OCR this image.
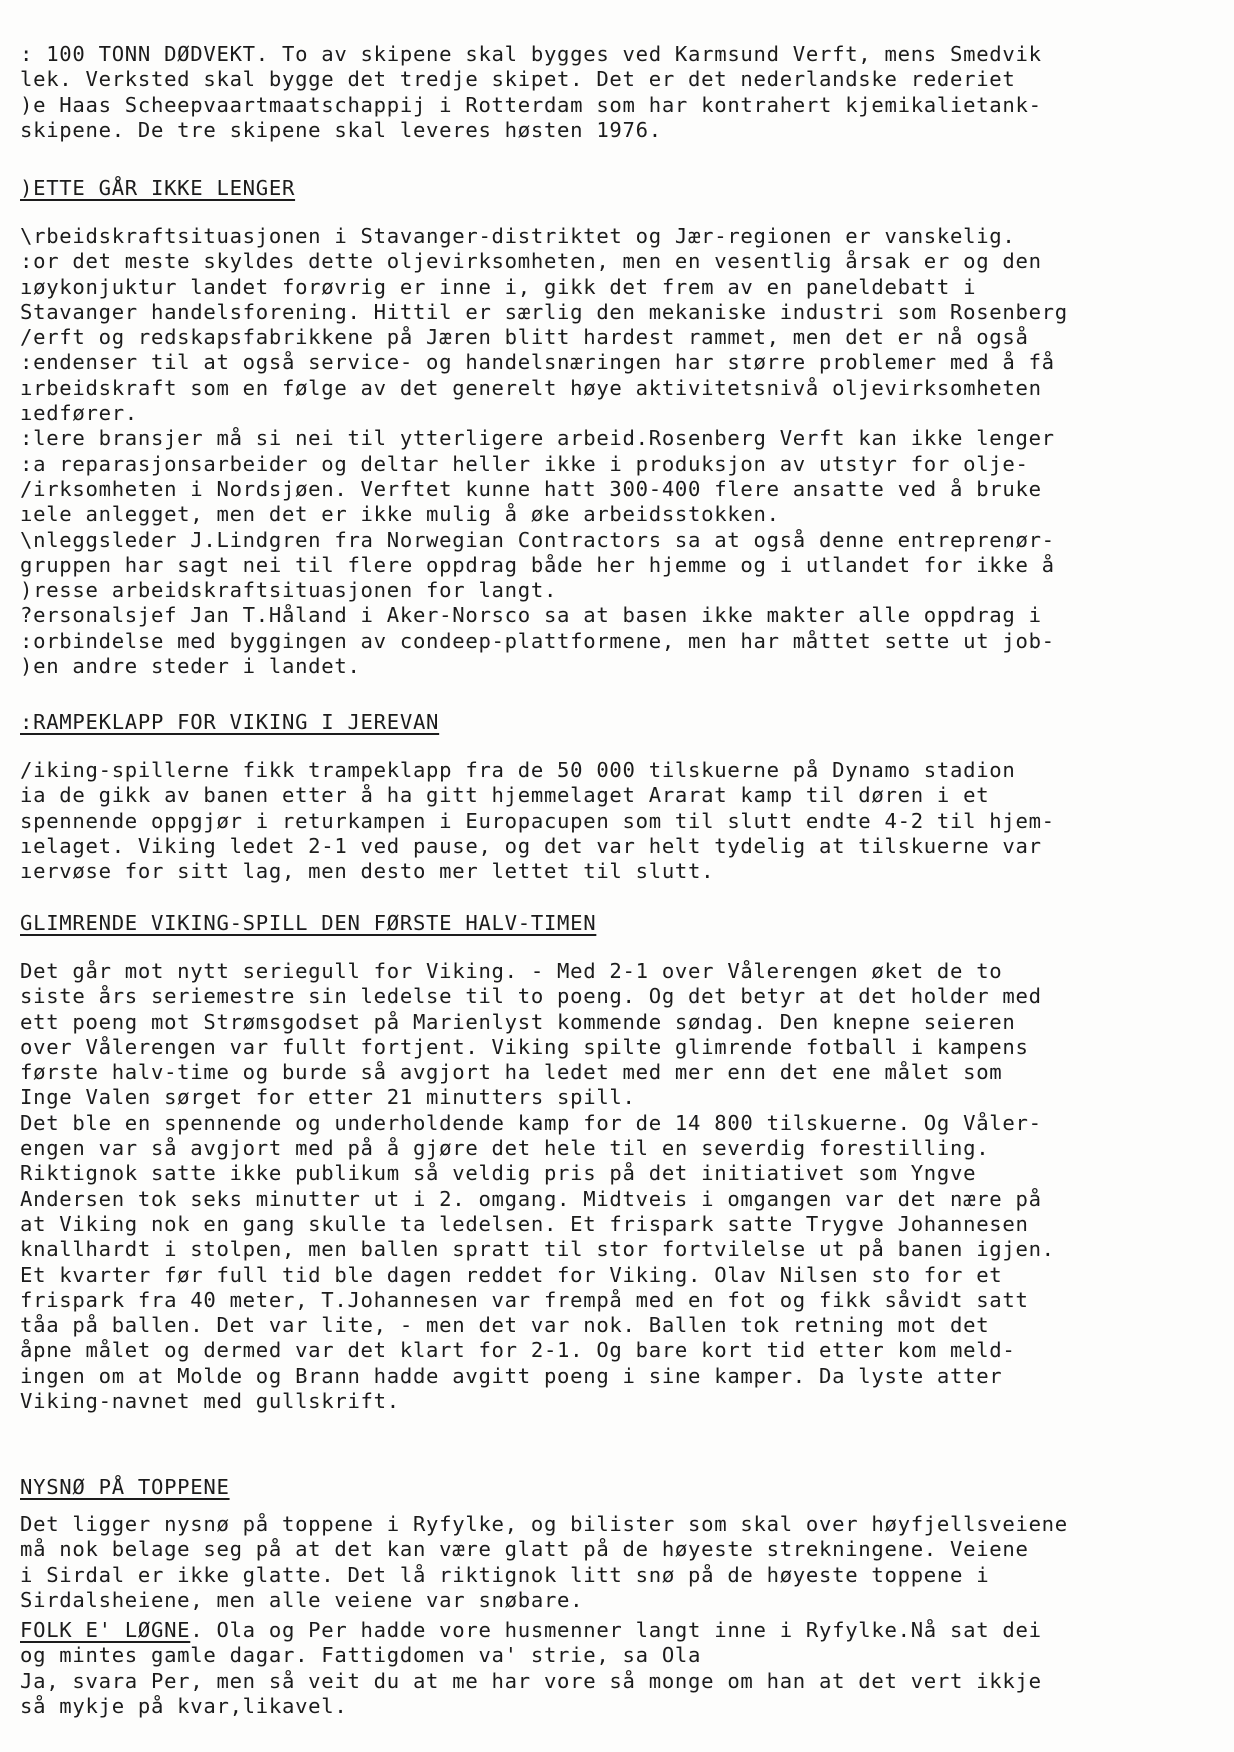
: 100 TONN DØDVEKT. To av skipene skal bygges ved Karmsund Verft, mens Smedvik
lek. Verksted skal bygge det tredje skipet. Det er det nederlandske rederiet
)e Haas Scheepvaartmaatschappij i Rotterdam som har kontrahert kjemikalietank-
skipene. De tre skipene skal leveres høsten 1976.
)ETTE GÅR IKKE LENGER
\rbeidskraftsituasjonen i Stavanger-distriktet og Jær-regionen er vanskelig.
:or det meste skyldes dette oljevirksomheten, men en vesentlig årsak er og den
ıøykonjuktur landet forøvrig er inne i, gikk det frem av en paneldebatt i
Stavanger handelsforening. Hittil er særlig den mekaniske industri som Rosenberg
/erft og redskapsfabrikkene på Jæren blitt hardest rammet, men det er nå også
:endenser til at også service- og handelsnæringen har større problemer med å få
ırbeidskraft som en følge av det generelt høye aktivitetsnivå oljevirksomheten
ıedfører.
:lere bransjer må si nei til ytterligere arbeid.Rosenberg Verft kan ikke lenger
:a reparasjonsarbeider og deltar heller ikke i produksjon av utstyr for olje-
/irksomheten i Nordsjøen. Verftet kunne hatt 300-400 flere ansatte ved å bruke
ıele anlegget, men det er ikke mulig å øke arbeidsstokken.
\nleggsleder J.Lindgren fra Norwegian Contractors sa at også denne entreprenør-
gruppen har sagt nei til flere oppdrag både her hjemme og i utlandet for ikke å
)resse arbeidskraftsituasjonen for langt.
?ersonalsjef Jan T.Håland i Aker-Norsco sa at basen ikke makter alle oppdrag i
:orbindelse med byggingen av condeep-plattformene, men har måttet sette ut job-
)en andre steder i landet.
:RAMPEKLAPP FOR VIKING I JEREVAN
/iking-spillerne fikk trampeklapp fra de 50 000 tilskuerne på Dynamo stadion
ia de gikk av banen etter å ha gitt hjemmelaget Ararat kamp til døren i et
spennende oppgjør i returkampen i Europacupen som til slutt endte 4-2 til hjem-
ıelaget. Viking ledet 2-1 ved pause, og det var helt tydelig at tilskuerne var
ıervøse for sitt lag, men desto mer lettet til slutt.
GLIMRENDE VIKING-SPILL DEN FØRSTE HALV-TIMEN
Det går mot nytt seriegull for Viking. - Med 2-1 over Vålerengen øket de to
siste års seriemestre sin ledelse til to poeng. Og det betyr at det holder med
ett poeng mot Strømsgodset på Marienlyst kommende søndag. Den knepne seieren
over Vålerengen var fullt fortjent. Viking spilte glimrende fotball i kampens
første halv-time og burde så avgjort ha ledet med mer enn det ene målet som
Inge Valen sørget for etter 21 minutters spill.
Det ble en spennende og underholdende kamp for de 14 800 tilskuerne. Og Våler-
engen var så avgjort med på å gjøre det hele til en severdig forestilling.
Riktignok satte ikke publikum så veldig pris på det initiativet som Yngve
Andersen tok seks minutter ut i 2. omgang. Midtveis i omgangen var det nære på
at Viking nok en gang skulle ta ledelsen. Et frispark satte Trygve Johannesen
knallhardt i stolpen, men ballen spratt til stor fortvilelse ut på banen igjen.
Et kvarter før full tid ble dagen reddet for Viking. Olav Nilsen sto for et
frispark fra 40 meter, T.Johannesen var frempå med en fot og fikk såvidt satt
tåa på ballen. Det var lite, - men det var nok. Ballen tok retning mot det
åpne målet og dermed var det klart for 2-1. Og bare kort tid etter kom meld-
ingen om at Molde og Brann hadde avgitt poeng i sine kamper. Da lyste atter
Viking-navnet med gullskrift.
NYSNØ PÅ TOPPENE
Det ligger nysnø på toppene i Ryfylke, og bilister som skal over høyfjellsveiene
må nok belage seg på at det kan være glatt på de høyeste strekningene. Veiene
i Sirdal er ikke glatte. Det lå riktignok litt snø på de høyeste toppene i
Sirdalsheiene, men alle veiene var snøbare.
FOLK E' LØGNE. Ola og Per hadde vore husmenner langt inne i Ryfylke.Nå sat dei
og mintes gamle dagar. Fattigdomen va' strie, sa Ola
Ja, svara Per, men så veit du at me har vore så monge om han at det vert ikkje
så mykje på kvar,likavel.
